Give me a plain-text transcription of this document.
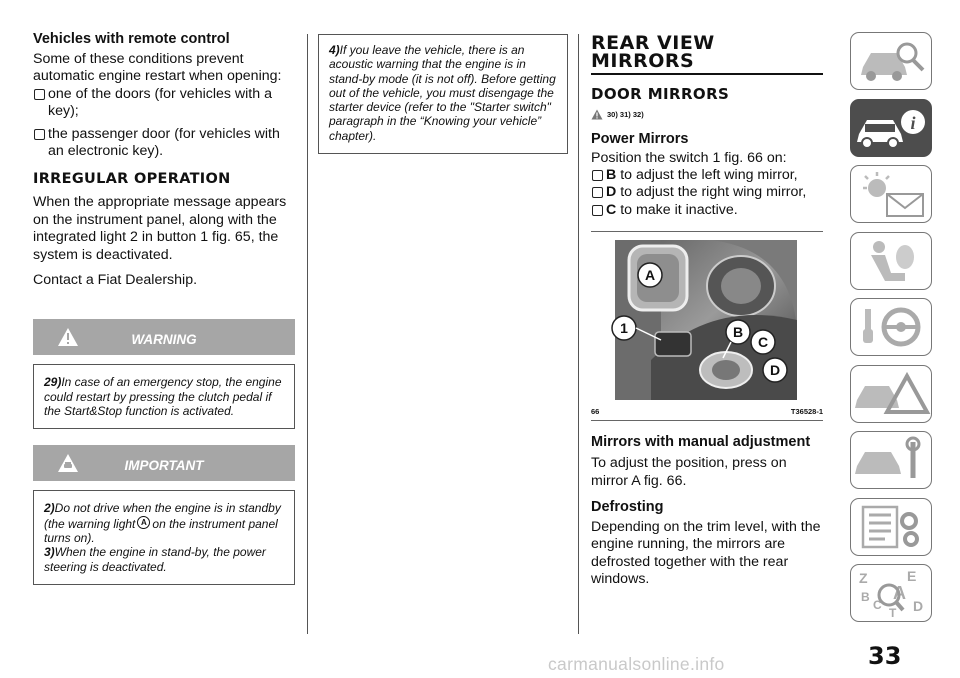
Vehicles with remote control

Some of these conditions prevent automatic engine restart when opening:

one of the doors (for vehicles with a key);

the passenger door (for vehicles with an electronic key).

IRREGULAR OPERATION

When the appropriate message appears on the instrument panel, along with the integrated light 2 in button 1 fig. 65, the system is deactivated.

Contact a Fiat Dealership.

WARNING

29)In case of an emergency stop, the engine could restart by pressing the clutch pedal if the Start&Stop function is activated.

IMPORTANT

2)Do not drive when the engine is in standby (the warning light A on the instrument panel turns on).

3)When the engine in stand-by, the power steering is deactivated.

4)If you leave the vehicle, there is an acoustic warning that the engine is in stand-by mode (it is not off). Before getting out of the vehicle, you must disengage the starter device (refer to the "Starter switch" paragraph in the “Knowing your vehicle” chapter).

REAR VIEW
MIRRORS
DOOR MIRRORS
30) 31) 32)

Power Mirrors

Position the switch 1 fig. 66 on:

B to adjust the left wing mirror,

D to adjust the right wing mirror,

C to make it inactive.

A
1	B
C
D
66	T36528-1

Mirrors with manual adjustment

To adjust the position, press on mirror A fig. 66.

Defrosting

Depending on the trim level, with the engine running, the mirrors are defrosted together with the rear windows.

i
Z	E
A
B
C
T D
33
carmanualsonline.info
